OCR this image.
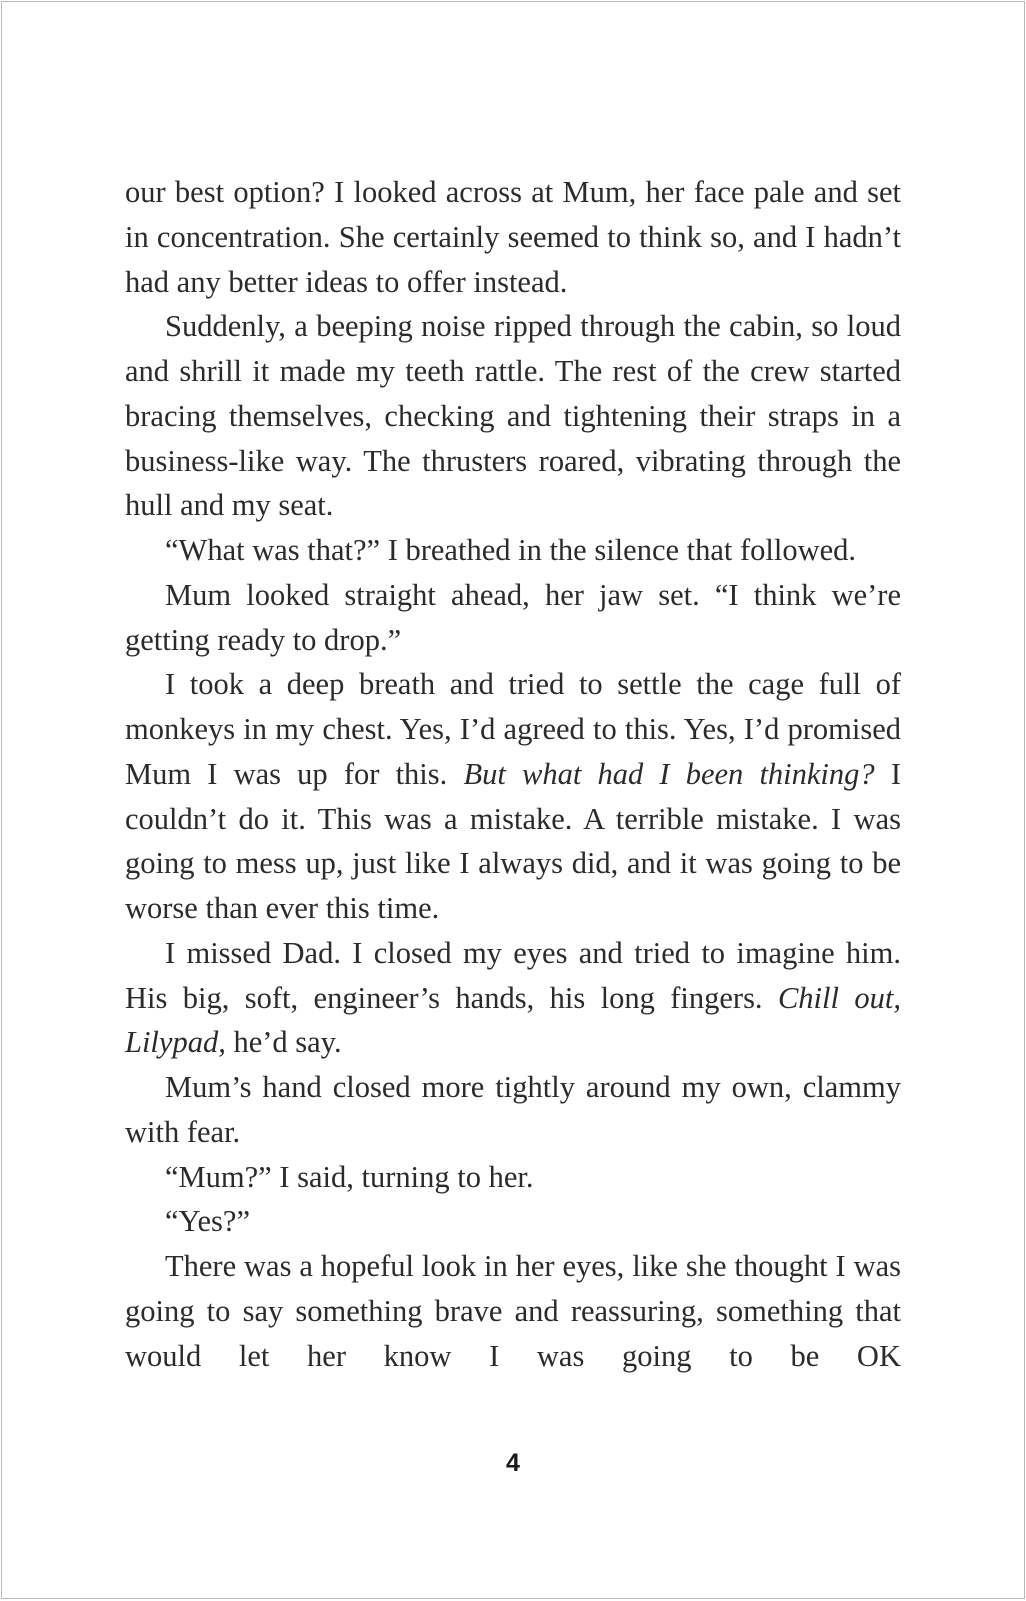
our best option? I looked across at Mum, her face pale and set in concentration. She certainly seemed to think so, and I hadn’t had any better ideas to offer instead.

Suddenly, a beeping noise ripped through the cabin, so loud and shrill it made my teeth rattle. The rest of the crew started bracing themselves, checking and tightening their straps in a business-like way. The thrusters roared, vibrating through the hull and my seat.

“What was that?” I breathed in the silence that followed.

Mum looked straight ahead, her jaw set. “I think we’re getting ready to drop.”

I took a deep breath and tried to settle the cage full of monkeys in my chest. Yes, I’d agreed to this. Yes, I’d promised Mum I was up for this. But what had I been thinking? I couldn’t do it. This was a mistake. A terrible mistake. I was going to mess up, just like I always did, and it was going to be worse than ever this time.

I missed Dad. I closed my eyes and tried to imagine him. His big, soft, engineer’s hands, his long fingers. Chill out, Lilypad, he’d say.

Mum’s hand closed more tightly around my own, clammy with fear.

“Mum?” I said, turning to her.

“Yes?”

There was a hopeful look in her eyes, like she thought I was going to say something brave and reassuring, something that would let her know I was going to be OK

4
